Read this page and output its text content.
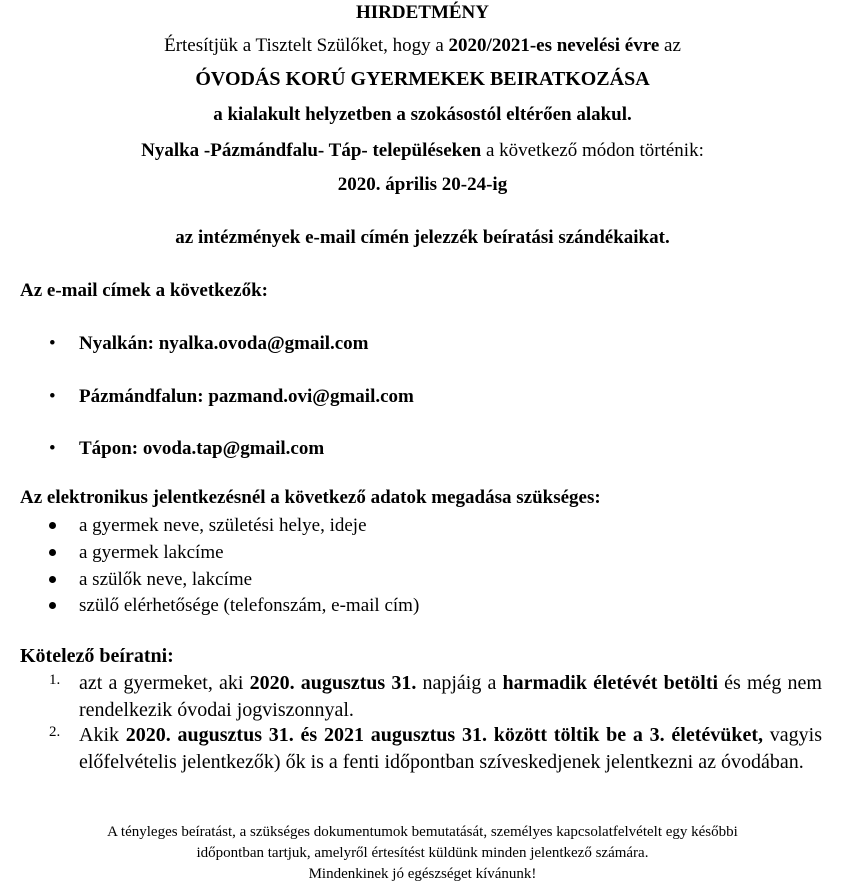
HIRDETMÉNY
Értesítjük a Tisztelt Szülőket, hogy a 2020/2021-es nevelési évre az
ÓVODÁS KORÚ GYERMEKEK BEIRATKOZÁSA
a kialakult helyzetben a szokásostól eltérően alakul.
Nyalka -Pázmándfalu- Táp- településeken a következő módon történik:
2020. április 20-24-ig
az intézmények e-mail címén jelezzék beíratási szándékaikat.
Az e-mail címek a következők:
• Nyalkán: nyalka.ovoda@gmail.com
• Pázmándfalun: pazmand.ovi@gmail.com
• Tápon: ovoda.tap@gmail.com
Az elektronikus jelentkezésnél a következő adatok megadása szükséges:
a gyermek neve, születési helye, ideje
a gyermek lakcíme
a szülők neve, lakcíme
szülő elérhetősége (telefonszám, e-mail cím)
Kötelező beíratni:
1. azt a gyermeket, aki 2020. augusztus 31. napjáig a harmadik életévét betölti és még nem rendelkezik óvodai jogviszonnyal.
2. Akik 2020. augusztus 31. és 2021 augusztus 31. között töltik be a 3. életévüket, vagyis előfelvételis jelentkezők) ők is a fenti időpontban szíveskedjenek jelentkezni az óvodában.
A tényleges beíratást, a szükséges dokumentumok bemutatását, személyes kapcsolatfelvételt egy későbbi
időpontban tartjuk, amelyről értesítést küldünk minden jelentkező számára.
Mindenkinek jó egészséget kívánunk!
